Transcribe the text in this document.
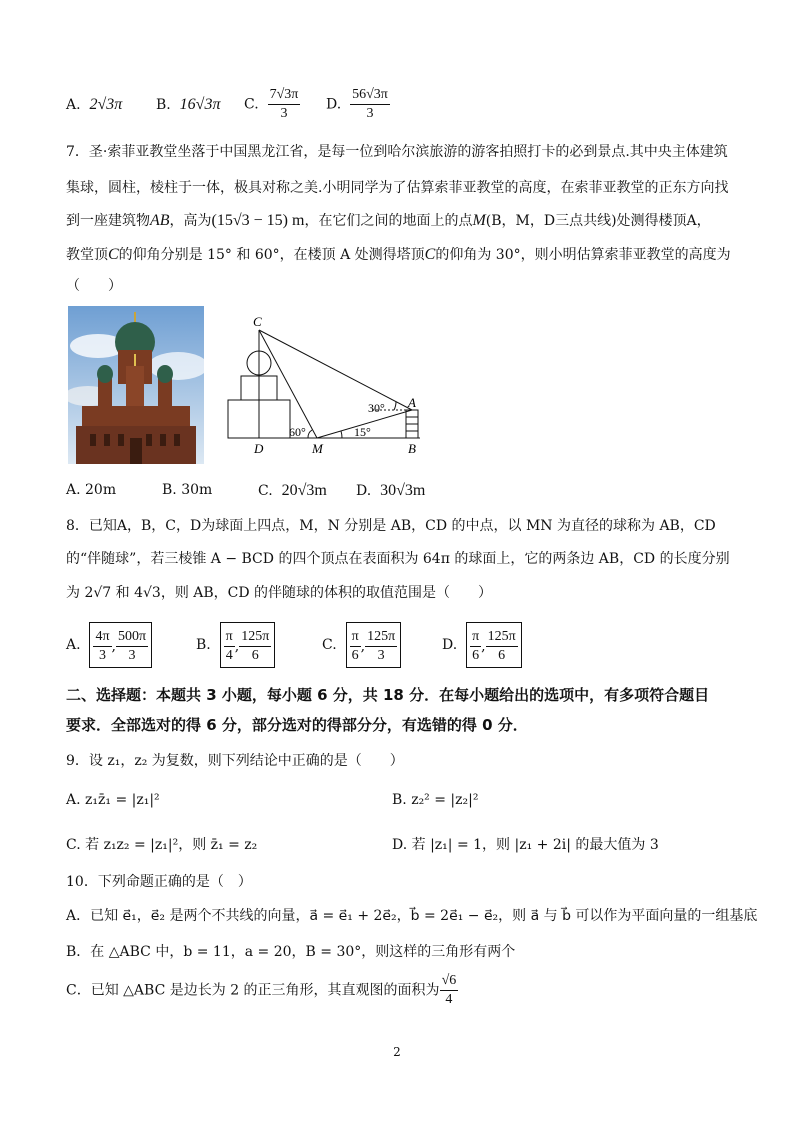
A. 2√3π B. 16√3π C. $\frac{7√3\pi}{3} D$. $\frac{56√3\pi}{3}$
7．圣·索菲亚教堂坐落于中国黑龙江省，是每一位到哈尔滨旅游的游客拍照打卡的必到景点.其中央主体建筑
集球，圆柱，棱柱于一体，极具对称之美.小明同学为了估算索菲亚教堂的高度，在索菲亚教堂的正东方向找
到一座建筑物AB，高为(15√3 − 15) m，在它们之间的地面上的点M(B，M，D三点共线)处测得楼顶A，
教堂顶C的仰角分别是 15° 和 60°，在楼顶 A 处测得塔顶C的仰角为 30°，则小明估算索菲亚教堂的高度为
（　　）
C
A
B
D	M
30°
60°	15°
A. 20m	B. 30m	C. 20√3m D. 30√3m
8．已知A，B，C，D为球面上四点，M，N 分别是 AB，CD 的中点，以 MN 为直径的球称为 AB，CD
的“伴随球”，若三棱锥 A − BCD 的四个顶点在表面积为 64π 的球面上，它的两条边 AB，CD 的长度分别
为 2√7 和 4√3，则 AB，CD 的伴随球的体积的取值范围是（　　）
A. $\frac{4\pi}{3}$ , $\frac{500\pi}{3}$	B. $\frac{\pi}{4}$ , $\frac{125\pi}{6}$	C. $\frac{\pi}{6}$ , $\frac{125\pi}{3}$	D. $\frac{\pi}{6}$ , $\frac{125\pi}{6}$
二、选择题：本题共 3 小题，每小题 6 分，共 18 分．在每小题给出的选项中，有多项符合题目
要求．全部选对的得 6 分，部分选对的得部分分，有选错的得 0 分．
9．设 z₁，z₂ 为复数，则下列结论中正确的是（　　）
A. z₁z̄₁ = |z₁|²	B. z₂² = |z₂|²
C. 若 z₁z₂ = |z₁|²，则 z̄₁ = z₂	D. 若 |z₁| = 1，则 |z₁ + 2i| 的最大值为 3
10．下列命题正确的是（　）
A．已知 e⃗₁，e⃗₂ 是两个不共线的向量，a⃗ = e⃗₁ + 2e⃗₂，b⃗ = 2e⃗₁ − e⃗₂，则 a⃗ 与 b⃗ 可以作为平面向量的一组基底
B．在 △ABC 中，b = 11，a = 20，B = 30°，则这样的三角形有两个
C．已知 △ABC 是边长为 2 的正三角形，其直观图的面积为 $\frac{√6}{4}$
2
